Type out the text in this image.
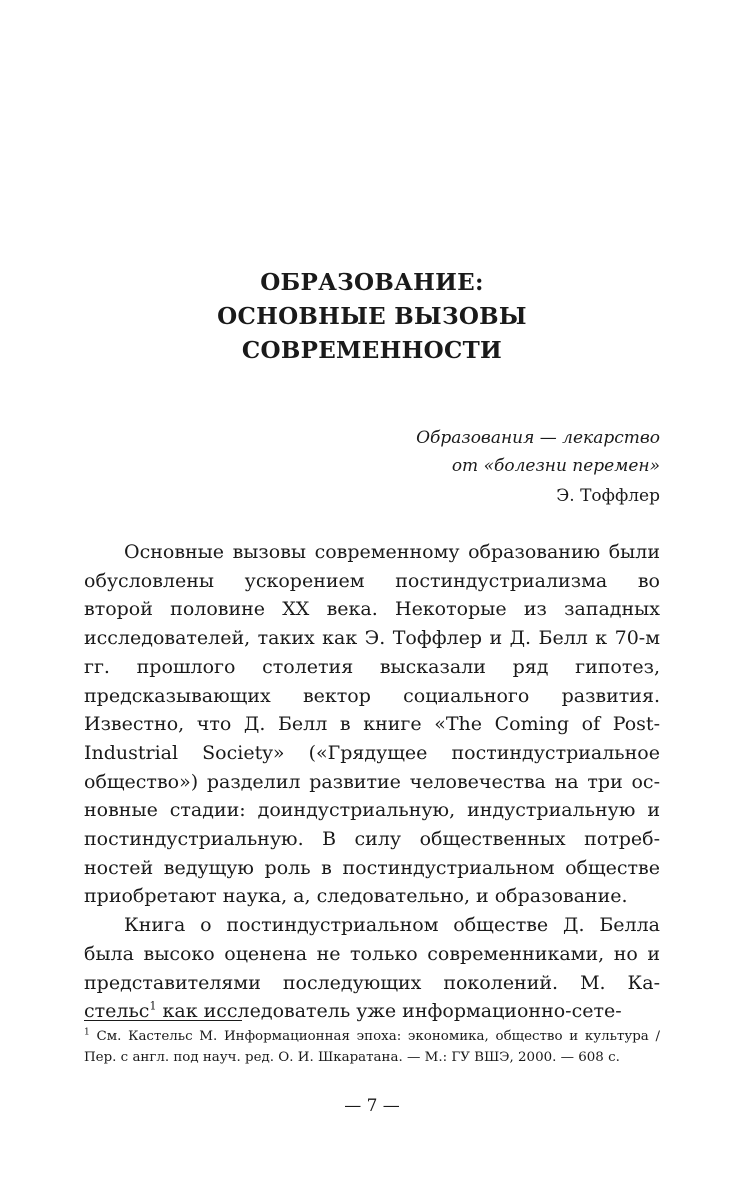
ОБРАЗОВАНИЕ:
ОСНОВНЫЕ ВЫЗОВЫ
СОВРЕМЕННОСТИ
Образования — лекарство
от «болезни перемен»
Э. Тоффлер

Основные вызовы современному образованию были обусловлены ускорением постиндустриализма во второй половине XX века. Некоторые из западных исследователей, таких как Э. Тоффлер и Д. Белл к 70-м гг. прошлого столетия высказали ряд гипотез, предсказывающих вектор социального развития. Известно, что Д. Белл в книге «The Coming of Post-Industrial Society» («Грядущее постиндустриальное общество») разделил развитие человечества на три основные стадии: доиндустриальную, индустриальную и постиндустриальную. В силу общественных потребностей ведущую роль в постиндустриальном обществе приобретают наука, а, следовательно, и образование.

Книга о постиндустриальном обществе Д. Белла была высоко оценена не только современниками, но и представителями последующих поколений. М. Кастельс$^1$ как исследователь уже информационно-сете-

$^1$ См. Кастельс М. Информационная эпоха: экономика, общество и культура / Пер. с англ. под науч. ред. О. И. Шкаратана. — М.: ГУ ВШЭ, 2000. — 608 с.

— 7 —
